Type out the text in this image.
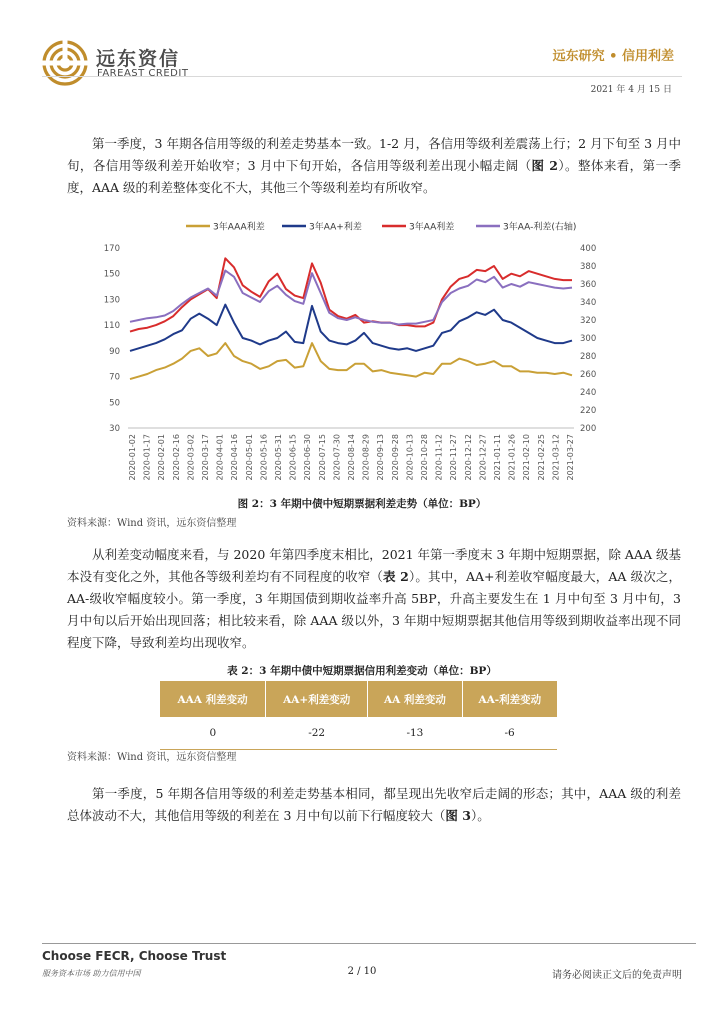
远东资信
FAREAST CREDIT
远东研究 • 信用利差
2021 年 4 月 15 日

第一季度，3 年期各信用等级的利差走势基本一致。1-2 月，各信用等级利差震荡上行；2 月下旬至 3 月中旬，各信用等级利差开始收窄；3 月中下旬开始，各信用等级利差出现小幅走阔（图 2）。整体来看，第一季度，AAA 级的利差整体变化不大，其他三个等级利差均有所收窄。

30
50
70
90
110
130
150
170
200
220
240
260
280
300
320
340
360
380
400
2020-01-02 2020-01-17 2020-02-01 2020-02-16 2020-03-02 2020-03-17 2020-04-01 2020-04-16 2020-05-01 2020-05-16 2020-05-31 2020-06-15 2020-06-30 2020-07-15 2020-07-30 2020-08-14 2020-08-29 2020-09-13 2020-09-28 2020-10-13 2020-10-28 2020-11-12 2020-11-27 2020-12-12 2020-12-27 2021-01-11 2021-01-26 2021-02-10 2021-02-25 2021-03-12 2021-03-27
3年AAA利差	3年AA+利差	3年AA利差	3年AA-利差(右轴)
图 2：3 年期中债中短期票据利差走势（单位：BP）
资料来源：Wind 资讯，远东资信整理

从利差变动幅度来看，与 2020 年第四季度末相比，2021 年第一季度末 3 年期中短期票据，除 AAA 级基本没有变化之外，其他各等级利差均有不同程度的收窄（表 2）。其中，AA+利差收窄幅度最大，AA 级次之，AA-级收窄幅度较小。第一季度，3 年期国债到期收益率升高 5BP，升高主要发生在 1 月中旬至 3 月中旬，3 月中旬以后开始出现回落；相比较来看，除 AAA 级以外，3 年期中短期票据其他信用等级到期收益率出现不同程度下降，导致利差均出现收窄。

表 2：3 年期中债中短期票据信用利差变动（单位：BP）
AAA 利差变动	AA+利差变动	AA 利差变动	AA-利差变动
0	-22	-13	-6
资料来源：Wind 资讯，远东资信整理

第一季度，5 年期各信用等级的利差走势基本相同，都呈现出先收窄后走阔的形态；其中，AAA 级的利差总体波动不大，其他信用等级的利差在 3 月中旬以前下行幅度较大（图 3）。

Choose FECR, Choose Trust
服务资本市场 助力信用中国	2 / 10	请务必阅读正文后的免责声明
